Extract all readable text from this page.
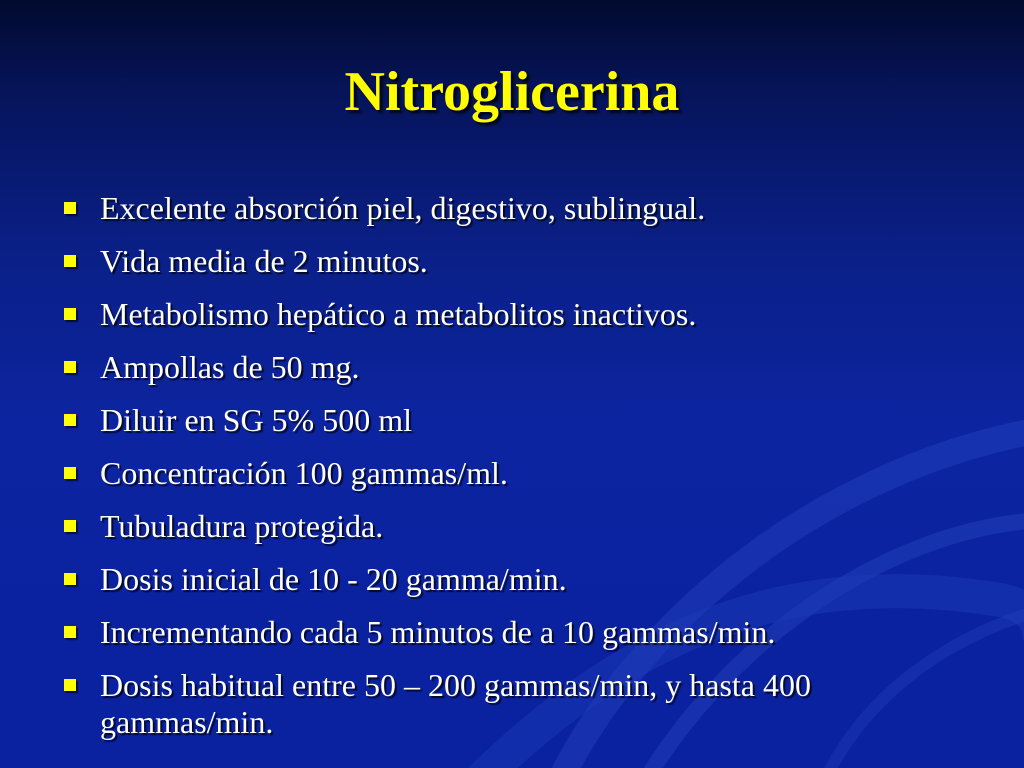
Nitroglicerina
Excelente absorción piel, digestivo, sublingual.
Vida media de 2 minutos.
Metabolismo hepático a metabolitos inactivos.
Ampollas de 50 mg.
Diluir en SG 5% 500 ml
Concentración 100 gammas/ml.
Tubuladura protegida.
Dosis inicial de 10 - 20 gamma/min.
Incrementando cada 5 minutos de a 10 gammas/min.
Dosis habitual entre 50 – 200 gammas/min, y hasta 400 gammas/min.
